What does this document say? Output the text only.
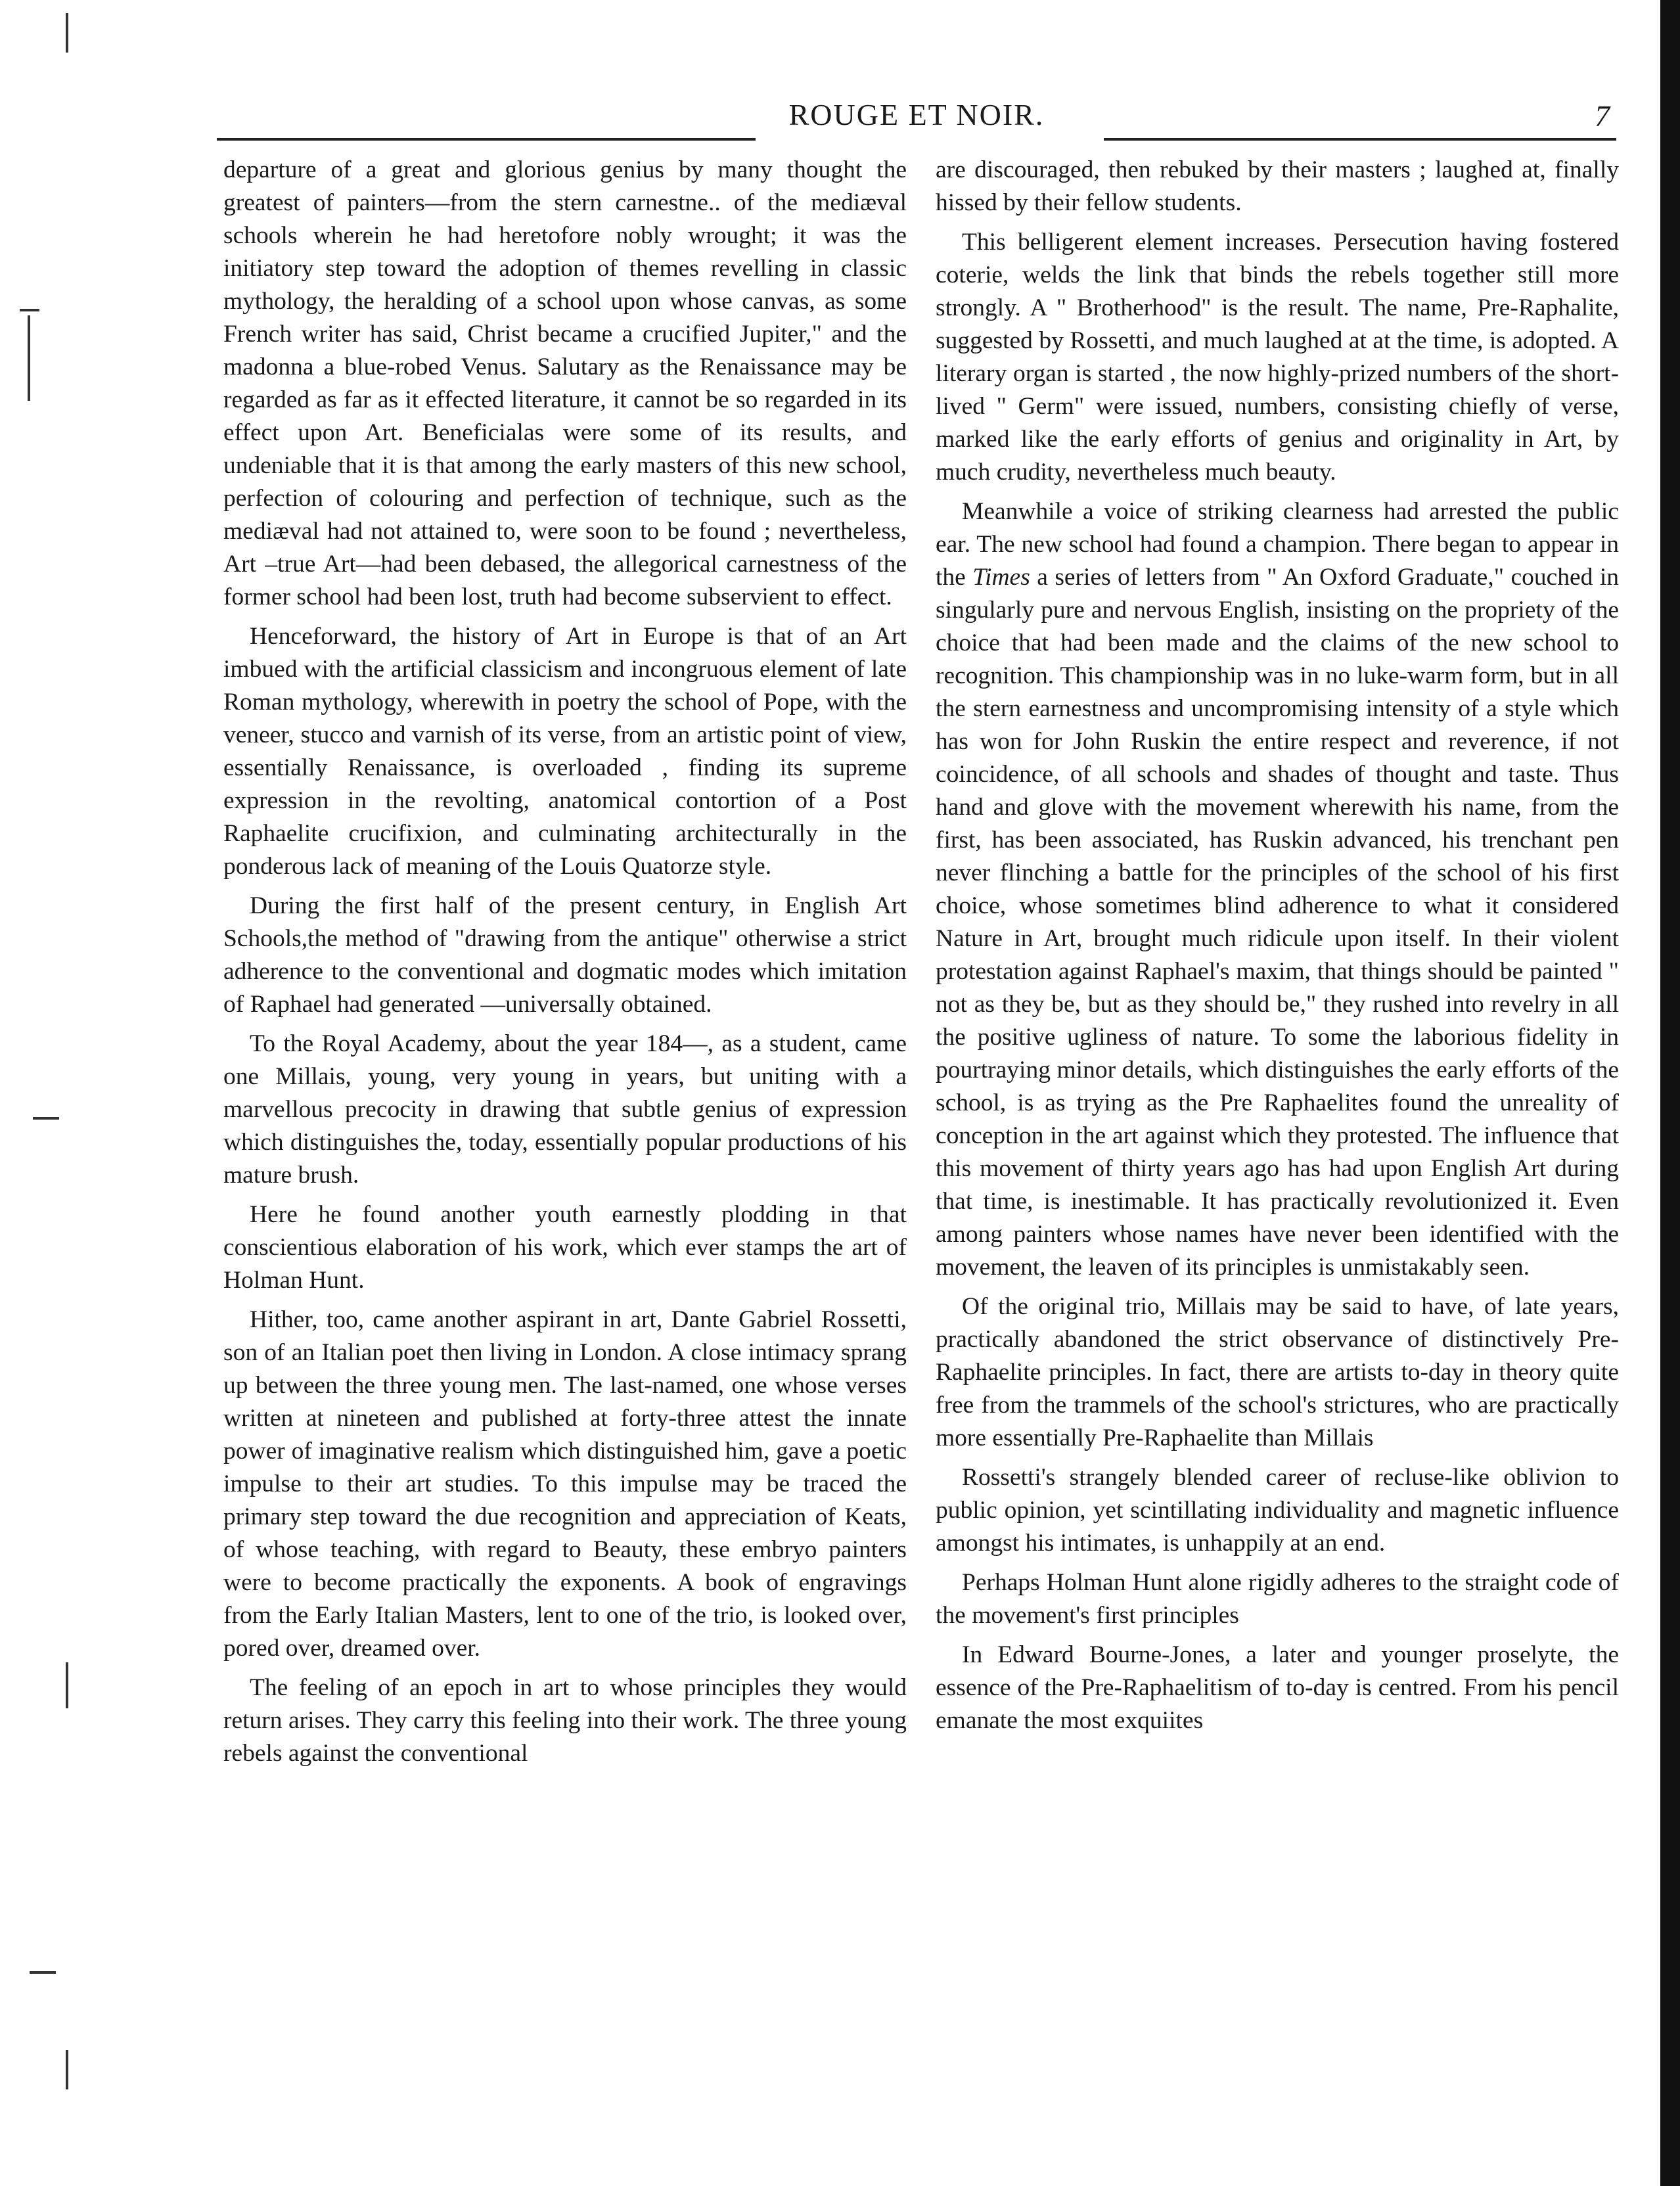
ROUGE ET NOIR.	7

departure of a great and glorious genius by many thought the greatest of painters—from the stern carnestne.. of the mediæval schools wherein he had heretofore nobly wrought; it was the initiatory step toward the adoption of themes revelling in classic mythology, the heralding of a school upon whose canvas, as some French writer has said, Christ became a crucified Jupiter," and the madonna a blue-robed Venus. Salutary as the Renaissance may be regarded as far as it effected literature, it cannot be so regarded in its effect upon Art. Beneficialas were some of its results, and undeniable that it is that among the early masters of this new school, perfection of colouring and perfection of technique, such as the mediæval had not attained to, were soon to be found ; nevertheless, Art –true Art—had been debased, the allegorical carnestness of the former school had been lost, truth had become subservient to effect.

Henceforward, the history of Art in Europe is that of an Art imbued with the artificial classicism and incongruous element of late Roman mythology, wherewith in poetry the school of Pope, with the veneer, stucco and varnish of its verse, from an artistic point of view, essentially Renaissance, is overloaded , finding its supreme expression in the revolting, anatomical contortion of a Post Raphaelite crucifixion, and culminating architecturally in the ponderous lack of meaning of the Louis Quatorze style.

During the first half of the present century, in English Art Schools,the method of "drawing from the antique" otherwise a strict adherence to the conventional and dogmatic modes which imitation of Raphael had generated —universally obtained.

To the Royal Academy, about the year 184—, as a student, came one Millais, young, very young in years, but uniting with a marvellous precocity in drawing that subtle genius of expression which distinguishes the, today, essentially popular productions of his mature brush.

Here he found another youth earnestly plodding in that conscientious elaboration of his work, which ever stamps the art of Holman Hunt.

Hither, too, came another aspirant in art, Dante Gabriel Rossetti, son of an Italian poet then living in London. A close intimacy sprang up between the three young men. The last-named, one whose verses written at nineteen and published at forty-three attest the innate power of imaginative realism which distinguished him, gave a poetic impulse to their art studies. To this impulse may be traced the primary step toward the due recognition and appreciation of Keats, of whose teaching, with regard to Beauty, these embryo painters were to become practically the exponents. A book of engravings from the Early Italian Masters, lent to one of the trio, is looked over, pored over, dreamed over.

The feeling of an epoch in art to whose principles they would return arises. They carry this feeling into their work. The three young rebels against the conventional

are discouraged, then rebuked by their masters ; laughed at, finally hissed by their fellow students.

This belligerent element increases. Persecution having fostered coterie, welds the link that binds the rebels together still more strongly. A " Brotherhood" is the result. The name, Pre-Raphalite, suggested by Rossetti, and much laughed at at the time, is adopted. A literary organ is started , the now highly-prized numbers of the short-lived " Germ" were issued, numbers, consisting chiefly of verse, marked like the early efforts of genius and originality in Art, by much crudity, nevertheless much beauty.

Meanwhile a voice of striking clearness had arrested the public ear. The new school had found a champion. There began to appear in the Times a series of letters from " An Oxford Graduate," couched in singularly pure and nervous English, insisting on the propriety of the choice that had been made and the claims of the new school to recognition. This championship was in no luke-warm form, but in all the stern earnestness and uncompromising intensity of a style which has won for John Ruskin the entire respect and reverence, if not coincidence, of all schools and shades of thought and taste. Thus hand and glove with the movement wherewith his name, from the first, has been associated, has Ruskin advanced, his trenchant pen never flinching a battle for the principles of the school of his first choice, whose sometimes blind adherence to what it considered Nature in Art, brought much ridicule upon itself. In their violent protestation against Raphael's maxim, that things should be painted " not as they be, but as they should be," they rushed into revelry in all the positive ugliness of nature. To some the laborious fidelity in pourtraying minor details, which distinguishes the early efforts of the school, is as trying as the Pre Raphaelites found the unreality of conception in the art against which they protested. The influence that this movement of thirty years ago has had upon English Art during that time, is inestimable. It has practically revolutionized it. Even among painters whose names have never been identified with the movement, the leaven of its principles is unmistakably seen.

Of the original trio, Millais may be said to have, of late years, practically abandoned the strict observance of distinctively Pre-Raphaelite principles. In fact, there are artists to-day in theory quite free from the trammels of the school's strictures, who are practically more essentially Pre-Raphaelite than Millais

Rossetti's strangely blended career of recluse-like oblivion to public opinion, yet scintillating individuality and magnetic influence amongst his intimates, is unhappily at an end.

Perhaps Holman Hunt alone rigidly adheres to the straight code of the movement's first principles

In Edward Bourne-Jones, a later and younger proselyte, the essence of the Pre-Raphaelitism of to-day is centred. From his pencil emanate the most exquiites
